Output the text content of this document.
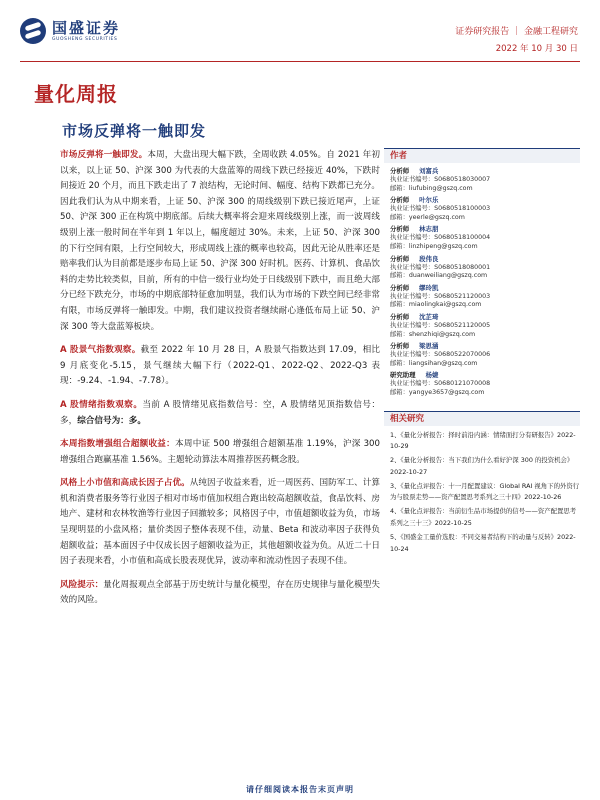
国盛证券
GUOSHENG SECURITIES
证券研究报告 ｜ 金融工程研究
2022 年 10 月 30 日
量化周报
市场反弹将一触即发

市场反弹将一触即发。本周，大盘出现大幅下跌，全周收跌 4.05%。自 2021 年初以来，以上证 50、沪深 300 为代表的大盘蓝筹的周线下跌已经接近 40%，下跌时间接近 20 个月，而且下跌走出了 7 浪结构，无论时间、幅度、结构下跌都已充分。因此我们认为从中期来看，上证 50、沪深 300 的周线级别下跌已接近尾声，上证 50、沪深 300 正在构筑中期底部。后续大概率将会迎来周线级别上涨，而一波周线级别上涨一般时间在半年到 1 年以上，幅度超过 30%。未来，上证 50、沪深 300 的下行空间有限，上行空间较大，形成周线上涨的概率也较高，因此无论从胜率还是赔率我们认为目前都是逐步布局上证 50、沪深 300 好时机。医药、计算机、食品饮料的走势比较类似，目前，所有的中信一级行业均处于日线级别下跌中，而且绝大部分已经下跌充分，市场的中期底部特征愈加明显，我们认为市场的下跌空间已经非常有限，市场反弹将一触即发。中期，我们建议投资者继续耐心逢低布局上证 50、沪深 300 等大盘蓝筹板块。

A 股景气指数观察。截至 2022 年 10 月 28 日，A 股景气指数达到 17.09，相比 9 月底变化-5.15，景气继续大幅下行（2022-Q1、2022-Q2、2022-Q3 表现：-9.24、-1.94、-7.78）。

A 股情绪指数观察。当前 A 股情绪见底指数信号：空，A 股情绪见顶指数信号：多，综合信号为：多。

本周指数增强组合超额收益：本周中证 500 增强组合超额基准 1.19%，沪深 300 增强组合跑赢基准 1.56%。主题轮动算法本周推荐医药概念股。

风格上小市值和高成长因子占优。从纯因子收益来看，近一周医药、国防军工、计算机和消费者服务等行业因子相对市场市值加权组合跑出较高超额收益，食品饮料、房地产、建材和农林牧渔等行业因子回撤较多；风格因子中，市值超额收益为负，市场呈现明显的小盘风格；量价类因子整体表现不佳，动量、Beta 和波动率因子获得负超额收益；基本面因子中仅成长因子超额收益为正，其他超额收益为负。从近二十日因子表现来看，小市值和高成长股表现优异，波动率和流动性因子表现不佳。

风险提示：量化周报观点全部基于历史统计与量化模型，存在历史规律与量化模型失效的风险。

作者
分析师 刘富兵
执业证书编号：S0680518030007
邮箱：liufubing@gszq.com
分析师 叶尔乐
执业证书编号：S0680518100003
邮箱：yeerle@gszq.com
分析师 林志朋
执业证书编号：S0680518100004
邮箱：linzhipeng@gszq.com
分析师 段伟良
执业证书编号：S0680518080001
邮箱：duanweiliang@gszq.com
分析师 缪玲凯
执业证书编号：S0680521120003
邮箱：miaolingkai@gszq.com
分析师 沈芷琦
执业证书编号：S0680521120005
邮箱：shenzhiqi@gszq.com
分析师 梁思涵
执业证书编号：S0680522070006
邮箱：liangsihan@gszq.com
研究助理 杨婕
执业证书编号：S0680121070008
邮箱：yangye3657@gszq.com
相关研究
1、《量化分析报告：择时前沿内涵：情绪面打分有研报告》2022-10-29
2、《量化分析报告：当下我们为什么看好沪深 300 的投资机会》2022-10-27
3、《量化点评报告：十一月配置建议：Global RAI 视角下的外资行为与股票走势——资产配置思考系列之三十四》2022-10-26
4、《量化点评报告：当前衍生品市场提供的信号——资产配置思考系列之三十三》2022-10-25
5、《国盛金工量价选股：不同交易者结构下的动量与反转》2022-10-24
请仔细阅读本报告末页声明
